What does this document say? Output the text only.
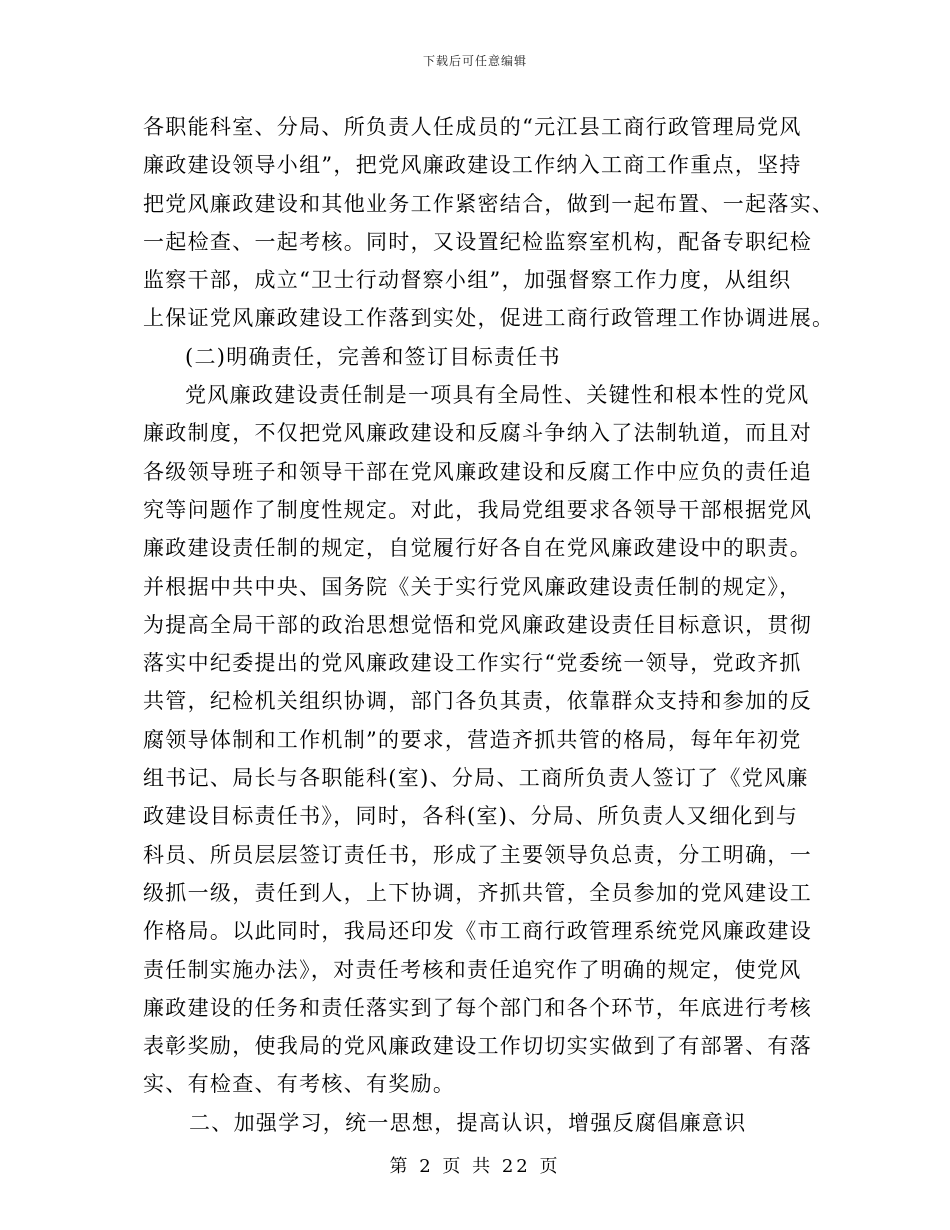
下载后可任意编辑
各职能科室、分局、所负责人任成员的“元江县工商行政管理局党风
廉政建设领导小组”，把党风廉政建设工作纳入工商工作重点，坚持
把党风廉政建设和其他业务工作紧密结合，做到一起布置、一起落实、
一起检查、一起考核。同时，又设置纪检监察室机构，配备专职纪检
监察干部，成立“卫士行动督察小组”，加强督察工作力度，从组织
上保证党风廉政建设工作落到实处，促进工商行政管理工作协调进展。
(二)明确责任，完善和签订目标责任书
党风廉政建设责任制是一项具有全局性、关键性和根本性的党风
廉政制度，不仅把党风廉政建设和反腐斗争纳入了法制轨道，而且对
各级领导班子和领导干部在党风廉政建设和反腐工作中应负的责任追
究等问题作了制度性规定。对此，我局党组要求各领导干部根据党风
廉政建设责任制的规定，自觉履行好各自在党风廉政建设中的职责。
并根据中共中央、国务院《关于实行党风廉政建设责任制的规定》，
为提高全局干部的政治思想觉悟和党风廉政建设责任目标意识，贯彻
落实中纪委提出的党风廉政建设工作实行“党委统一领导，党政齐抓
共管，纪检机关组织协调，部门各负其责，依靠群众支持和参加的反
腐领导体制和工作机制”的要求，营造齐抓共管的格局，每年年初党
组书记、局长与各职能科(室)、分局、工商所负责人签订了《党风廉
政建设目标责任书》，同时，各科(室)、分局、所负责人又细化到与
科员、所员层层签订责任书，形成了主要领导负总责，分工明确，一
级抓一级，责任到人，上下协调，齐抓共管，全员参加的党风建设工
作格局。以此同时，我局还印发《市工商行政管理系统党风廉政建设
责任制实施办法》，对责任考核和责任追究作了明确的规定，使党风
廉政建设的任务和责任落实到了每个部门和各个环节，年底进行考核
表彰奖励，使我局的党风廉政建设工作切切实实做到了有部署、有落
实、有检查、有考核、有奖励。
二、加强学习，统一思想，提高认识，增强反腐倡廉意识
第 2 页 共 22 页
